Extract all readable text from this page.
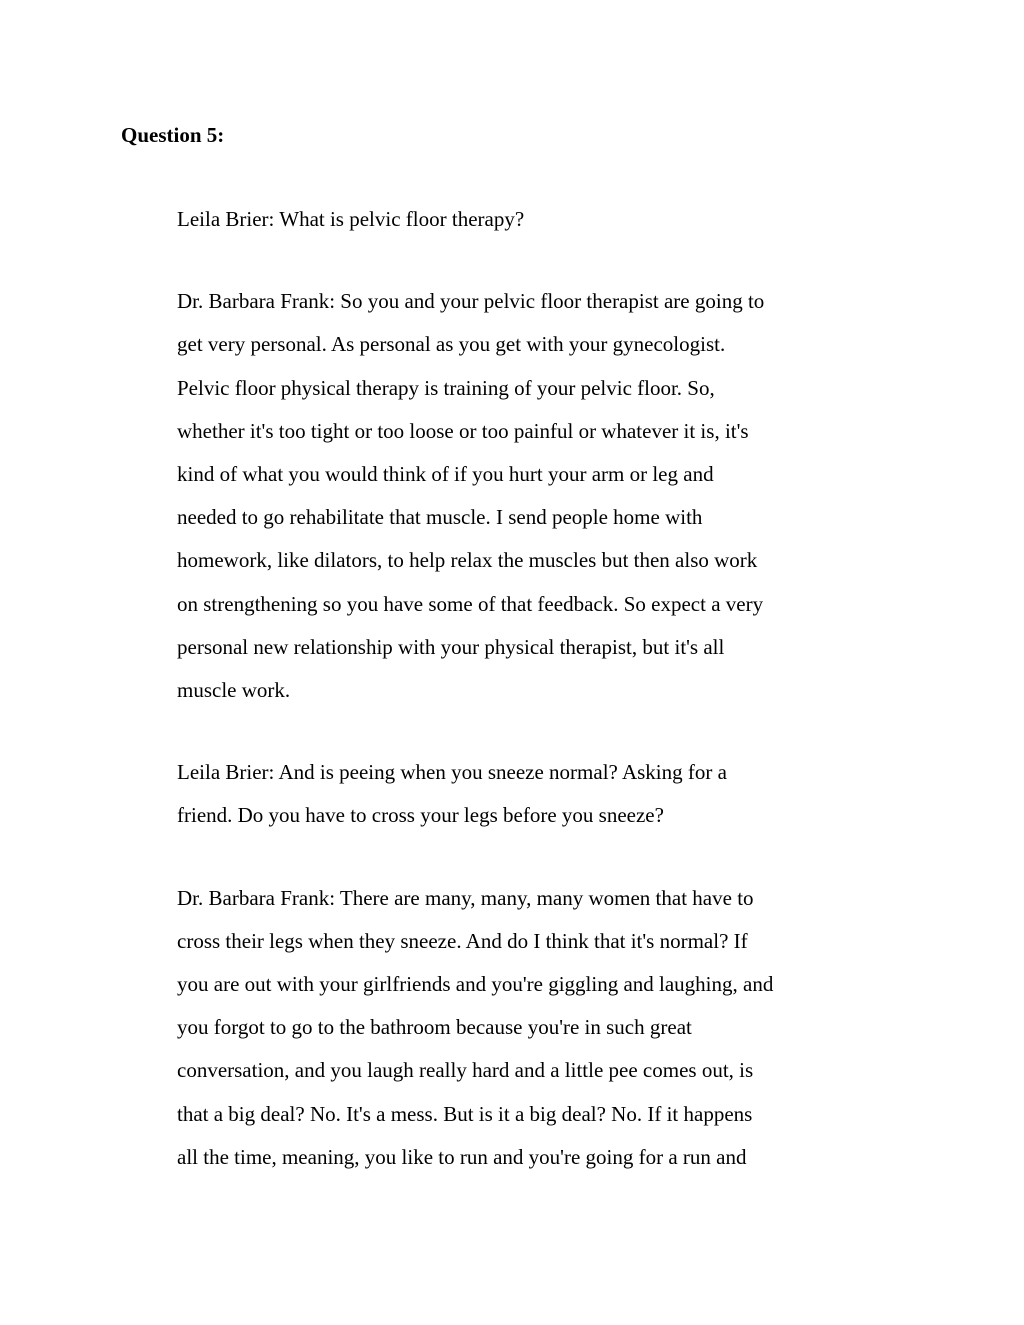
Question 5:

Leila Brier: What is pelvic floor therapy?

Dr. Barbara Frank: So you and your pelvic floor therapist are going to
get very personal. As personal as you get with your gynecologist.
Pelvic floor physical therapy is training of your pelvic floor. So,
whether it's too tight or too loose or too painful or whatever it is, it's
kind of what you would think of if you hurt your arm or leg and
needed to go rehabilitate that muscle. I send people home with
homework, like dilators, to help relax the muscles but then also work
on strengthening so you have some of that feedback. So expect a very
personal new relationship with your physical therapist, but it's all
muscle work.

Leila Brier: And is peeing when you sneeze normal? Asking for a
friend. Do you have to cross your legs before you sneeze?

Dr. Barbara Frank: There are many, many, many women that have to
cross their legs when they sneeze. And do I think that it's normal? If
you are out with your girlfriends and you're giggling and laughing, and
you forgot to go to the bathroom because you're in such great
conversation, and you laugh really hard and a little pee comes out, is
that a big deal? No. It's a mess. But is it a big deal? No. If it happens
all the time, meaning, you like to run and you're going for a run and
